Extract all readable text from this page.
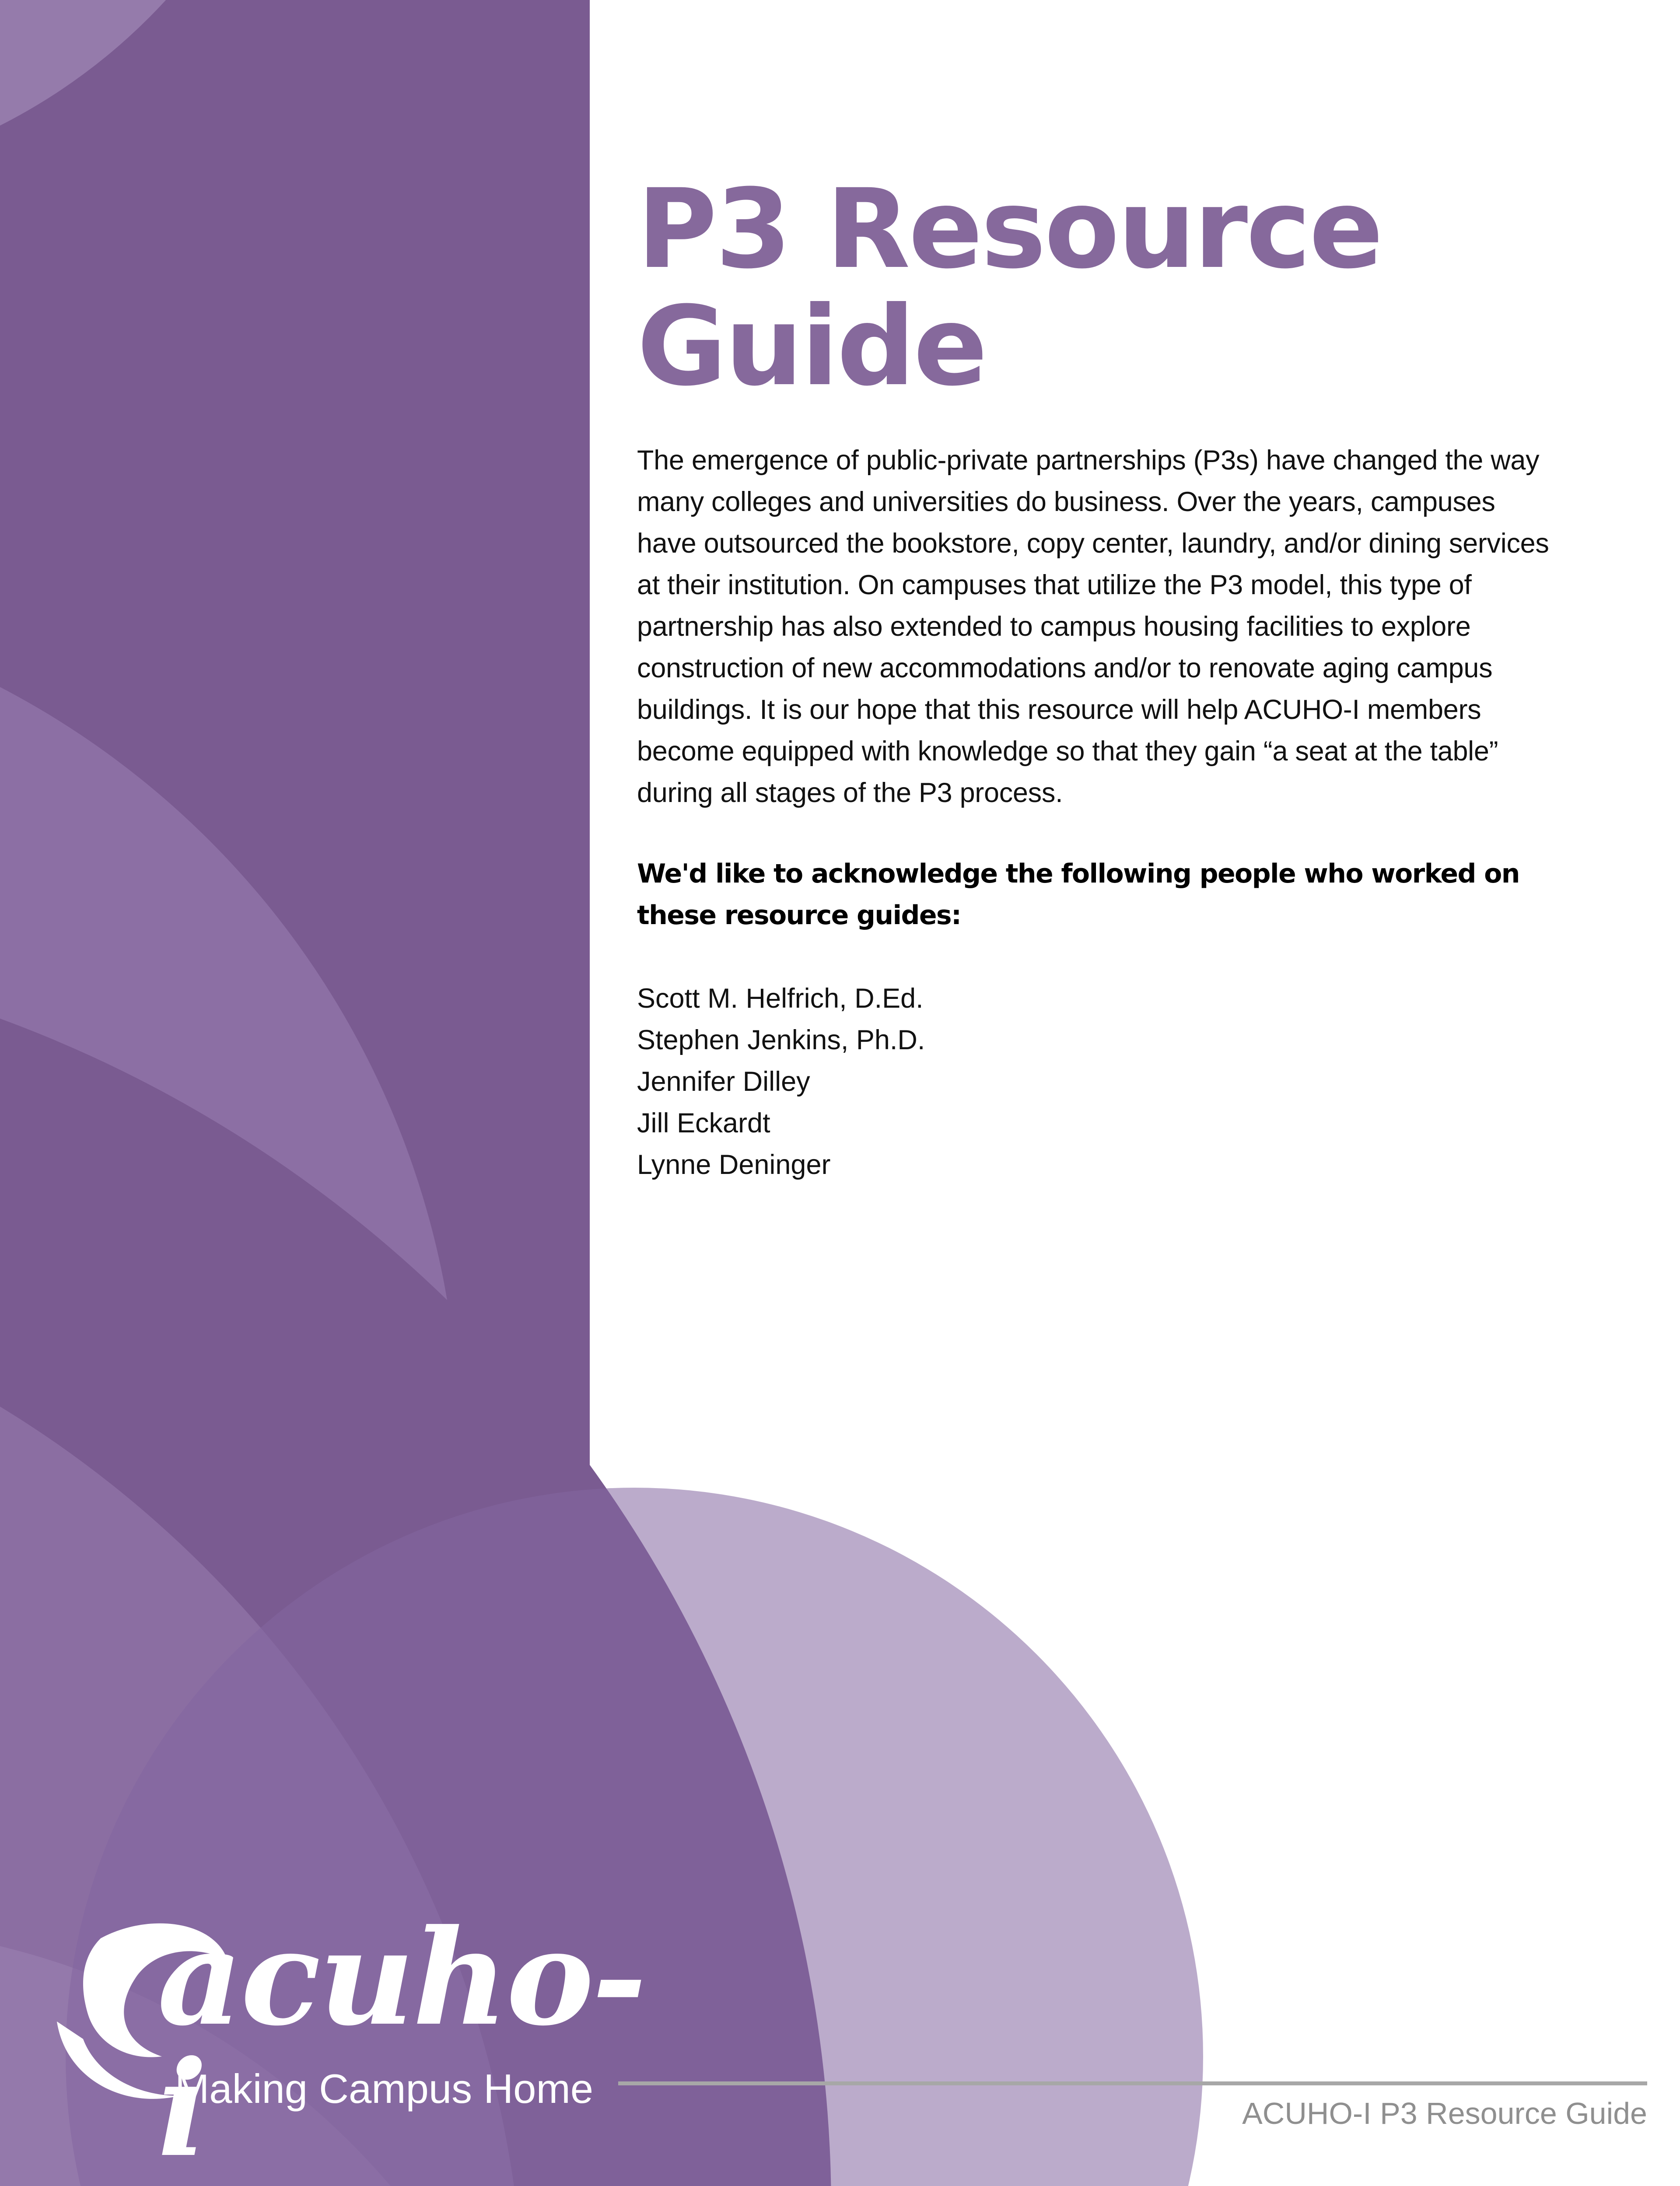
acuho-i
Making Campus Home
P3 Resource Guide

The emergence of public-private partnerships (P3s) have changed the way many colleges and universities do business. Over the years, campuses have outsourced the bookstore, copy center, laundry, and/or dining services at their institution. On campuses that utilize the P3 model, this type of partnership has also extended to campus housing facilities to explore construction of new accommodations and/or to renovate aging campus buildings. It is our hope that this resource will help ACUHO-I members become equipped with knowledge so that they gain “a seat at the table” during all stages of the P3 process.

We'd like to acknowledge the following people who worked on these resource guides:

Scott M. Helfrich, D.Ed.
Stephen Jenkins, Ph.D.
Jennifer Dilley
Jill Eckardt
Lynne Deninger
ACUHO-I P3 Resource Guide
